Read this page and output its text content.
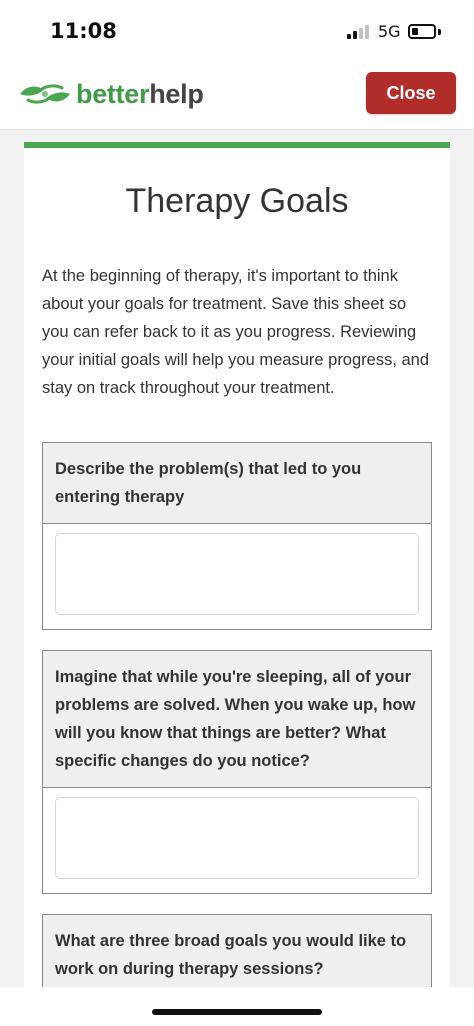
11:08	5G
betterhelp	Close
Therapy Goals

At the beginning of therapy, it's important to think about your goals for treatment. Save this sheet so you can refer back to it as you progress. Reviewing your initial goals will help you measure progress, and stay on track throughout your treatment.

Describe the problem(s) that led to you entering therapy
Imagine that while you're sleeping, all of your problems are solved. When you wake up, how will you know that things are better? What specific changes do you notice?
What are three broad goals you would like to work on during therapy sessions?
